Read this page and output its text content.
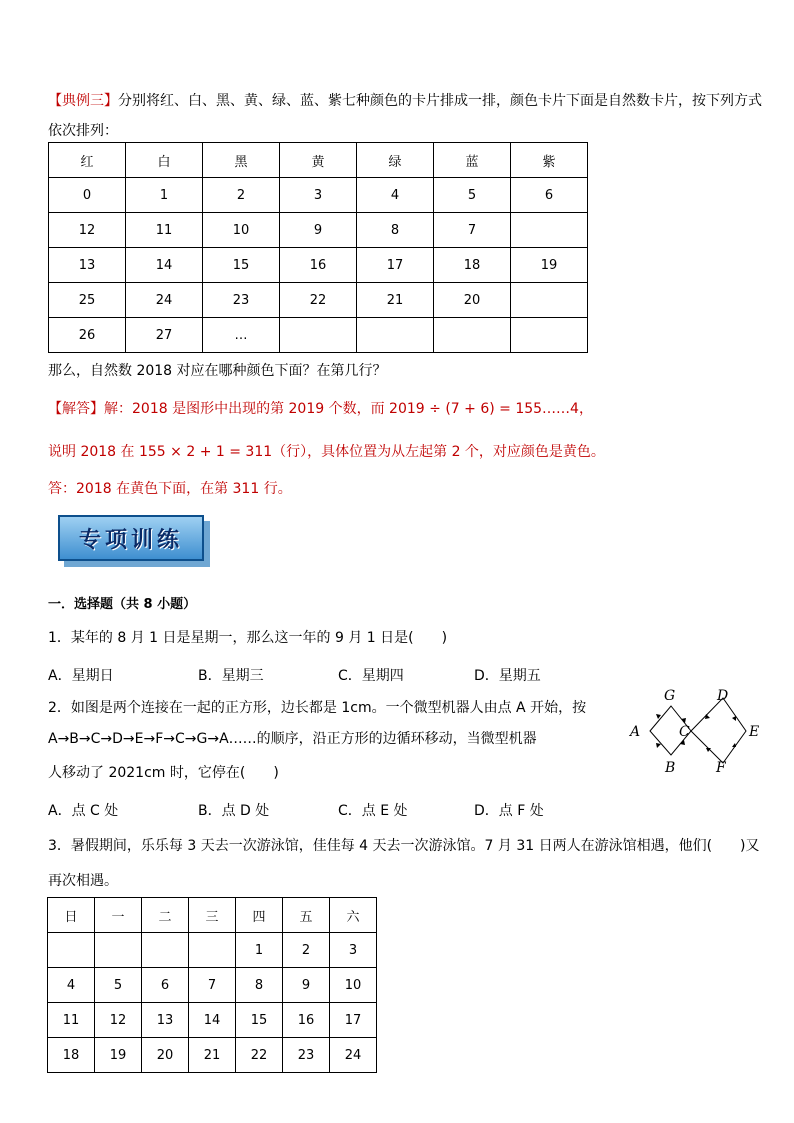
【典例三】分别将红、白、黑、黄、绿、蓝、紫七种颜色的卡片排成一排，颜色卡片下面是自然数卡片，按下列方式依次排列：
红	白	黑	黄	绿	蓝	紫
0	1	2	3	4	5	6
12	11	10	9	8	7	
13	14	15	16	17	18	19
25	24	23	22	21	20	
26	27	…				
那么，自然数 2018 对应在哪种颜色下面？在第几行？
【解答】解：2018 是图形中出现的第 2019 个数，而 2019 ÷ (7 + 6) = 155……4，
说明 2018 在 155 × 2 + 1 = 311（行），具体位置为从左起第 2 个，对应颜色是黄色。
答：2018 在黄色下面，在第 311 行。
专项训练
一．选择题（共 8 小题）
1．某年的 8 月 1 日是星期一，那么这一年的 9 月 1 日是(　　)
A．星期日	B．星期三	C．星期四	D．星期五
2．如图是两个连接在一起的正方形，边长都是 1cm。一个微型机器人由点 A 开始，按
A→B→C→D→E→F→C→G→A……的顺序，沿正方形的边循环移动，当微型机器
人移动了 2021cm 时，它停在(　　)
A
B
C
D
E
F
G
A．点 C 处	B．点 D 处	C．点 E 处	D．点 F 处
3．暑假期间，乐乐每 3 天去一次游泳馆，佳佳每 4 天去一次游泳馆。7 月 31 日两人在游泳馆相遇，他们(　　)又
再次相遇。
日	一	二	三	四	五	六
				1	2	3
4	5	6	7	8	9	10
11	12	13	14	15	16	17
18	19	20	21	22	23	24
